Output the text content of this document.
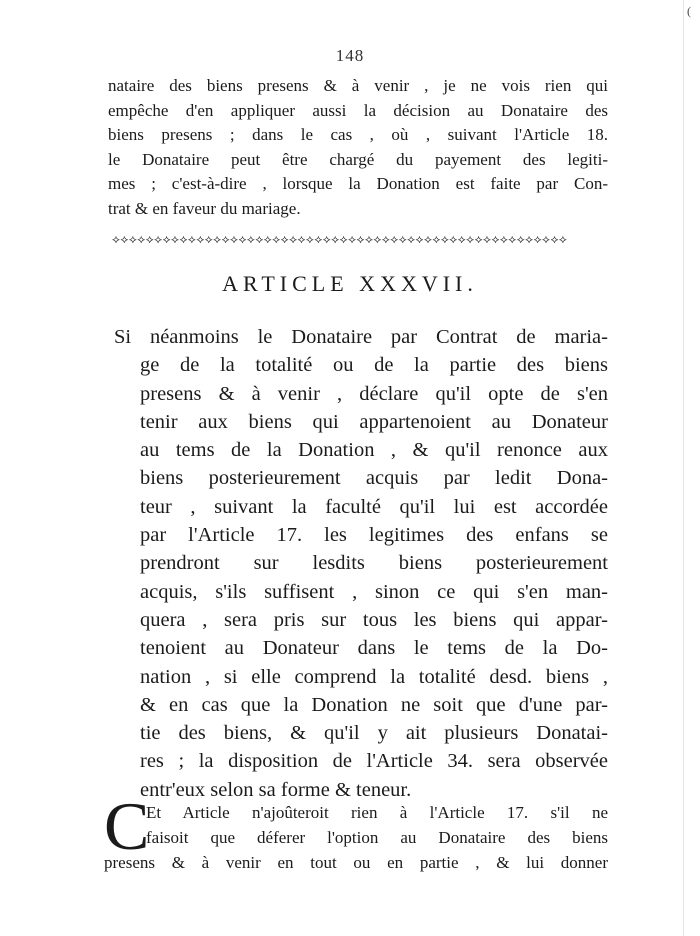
148
nataire des biens presens & à venir , je ne vois rien qui
empêche d'en appliquer aussi la décision au Donataire des
biens presens ; dans le cas , où , suivant l'Article 18.
le Donataire peut être chargé du payement des legiti-
mes ; c'est-à-dire , lorsque la Donation est faite par Con-
trat & en faveur du mariage.
⟡⟡⟡⟡⟡⟡⟡⟡⟡⟡⟡⟡⟡⟡⟡⟡⟡⟡⟡⟡⟡⟡⟡⟡⟡⟡⟡⟡⟡⟡⟡⟡⟡⟡⟡⟡⟡⟡⟡⟡⟡⟡⟡⟡⟡⟡⟡⟡⟡⟡⟡⟡⟡⟡
ARTICLE XXXVII.
Si néanmoins le Donataire par Contrat de maria-
ge de la totalité ou de la partie des biens
presens & à venir , déclare qu'il opte de s'en
tenir aux biens qui appartenoient au Donateur
au tems de la Donation , & qu'il renonce aux
biens posterieurement acquis par ledit Dona-
teur , suivant la faculté qu'il lui est accordée
par l'Article 17. les legitimes des enfans se
prendront sur lesdits biens posterieurement
acquis, s'ils suffisent , sinon ce qui s'en man-
quera , sera pris sur tous les biens qui appar-
tenoient au Donateur dans le tems de la Do-
nation , si elle comprend la totalité desd. biens ,
& en cas que la Donation ne soit que d'une par-
tie des biens, & qu'il y ait plusieurs Donatai-
res ; la disposition de l'Article 34. sera observée
entr'eux selon sa forme & teneur.
C
Et Article n'ajoûteroit rien à l'Article 17. s'il ne
faisoit que déferer l'option au Donataire des biens
presens & à venir en tout ou en partie , & lui donner
(
